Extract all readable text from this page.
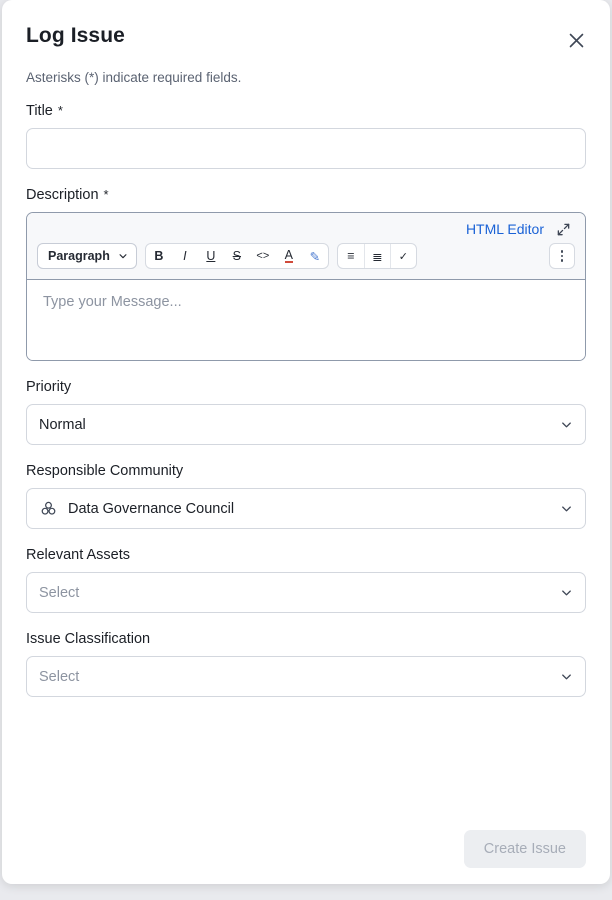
Log Issue
Asterisks (*) indicate required fields.
Title *
Description *
HTML Editor
Paragraph	B I U S <> A ✎ ≡ ≣ ✓
Type your Message...
Priority
Normal
Responsible Community
Data Governance Council
Relevant Assets
Select
Issue Classification
Select
Create Issue
